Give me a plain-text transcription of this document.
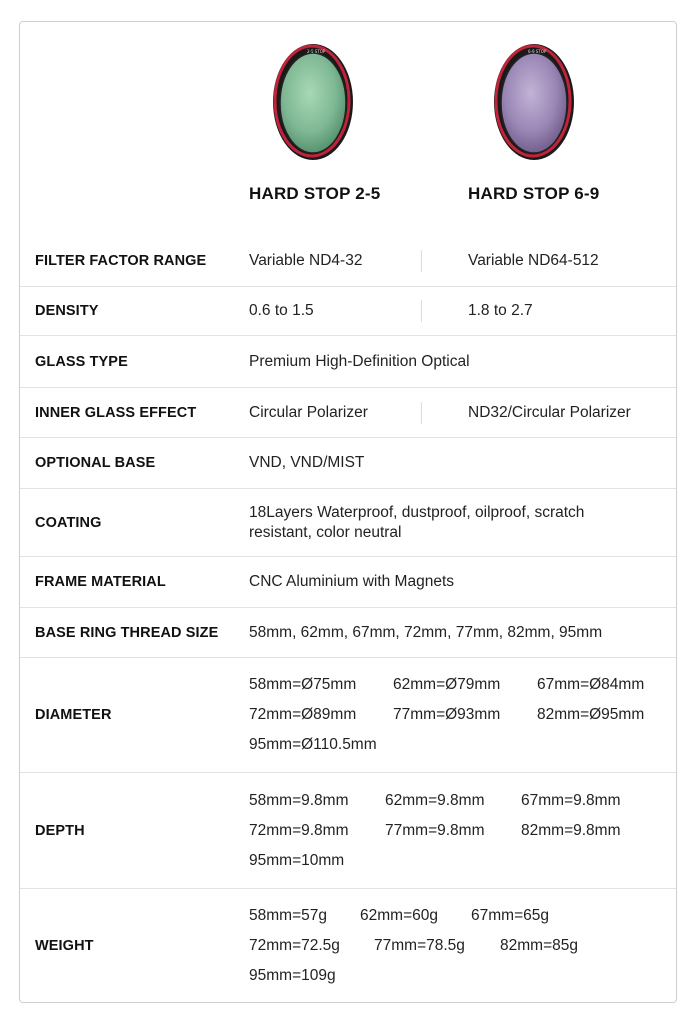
2-5 STOP	6-9 STOP
HARD STOP 2-5	HARD STOP 6-9
FILTER FACTOR RANGE	Variable ND4-32	Variable ND64-512
DENSITY	0.6 to 1.5	1.8 to 2.7
GLASS TYPE	Premium High-Definition Optical
INNER GLASS EFFECT	Circular Polarizer	ND32/Circular Polarizer
OPTIONAL BASE	VND, VND/MIST
COATING
18Layers Waterproof, dustproof, oilproof, scratch
resistant, color neutral
FRAME MATERIAL	CNC Aluminium with Magnets
BASE RING THREAD SIZE 58mm, 62mm, 67mm, 72mm, 77mm, 82mm, 95mm
DIAMETER
58mm=Ø75mm 62mm=Ø79mm 67mm=Ø84mm
72mm=Ø89mm 77mm=Ø93mm 82mm=Ø95mm
95mm=Ø110.5mm
DEPTH
58mm=9.8mm 62mm=9.8mm 67mm=9.8mm
72mm=9.8mm 77mm=9.8mm 82mm=9.8mm
95mm=10mm
WEIGHT
58mm=57g 62mm=60g 67mm=65g
72mm=72.5g 77mm=78.5g 82mm=85g
95mm=109g
